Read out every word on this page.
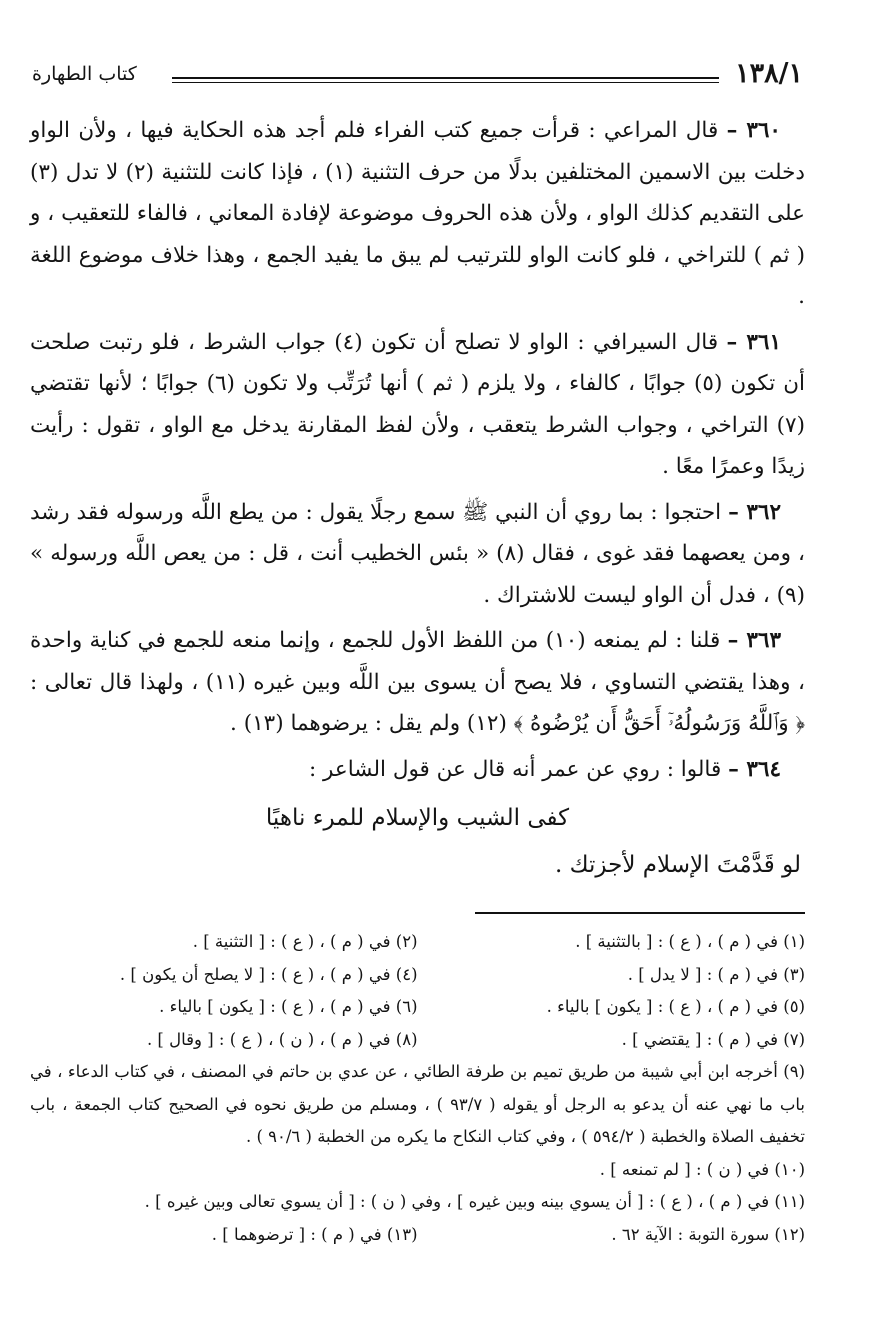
١٣٨/١
كتاب الطهارة

٣٦٠ – قال المراعي : قرأت جميع كتب الفراء فلم أجد هذه الحكاية فيها ، ولأن الواو دخلت بين الاسمين المختلفين بدلًا من حرف التثنية (١) ، فإذا كانت للتثنية (٢) لا تدل (٣) على التقديم كذلك الواو ، ولأن هذه الحروف موضوعة لإفادة المعاني ، فالفاء للتعقيب ، و ( ثم ) للتراخي ، فلو كانت الواو للترتيب لم يبق ما يفيد الجمع ، وهذا خلاف موضوع اللغة .

٣٦١ – قال السيرافي : الواو لا تصلح أن تكون (٤) جواب الشرط ، فلو رتبت صلحت أن تكون (٥) جوابًا ، كالفاء ، ولا يلزم ( ثم ) أنها تُرَتِّب ولا تكون (٦) جوابًا ؛ لأنها تقتضي (٧) التراخي ، وجواب الشرط يتعقب ، ولأن لفظ المقارنة يدخل مع الواو ، تقول : رأيت زيدًا وعمرًا معًا .

٣٦٢ – احتجوا : بما روي أن النبي ﷺ سمع رجلًا يقول : من يطع اللَّه ورسوله فقد رشد ، ومن يعصهما فقد غوى ، فقال (٨) « بئس الخطيب أنت ، قل : من يعص اللَّه ورسوله » (٩) ، فدل أن الواو ليست للاشتراك .

٣٦٣ – قلنا : لم يمنعه (١٠) من اللفظ الأول للجمع ، وإنما منعه للجمع في كناية واحدة ، وهذا يقتضي التساوي ، فلا يصح أن يسوى بين اللَّه وبين غيره (١١) ، ولهذا قال تعالى : ﴿ وَٱللَّهُ وَرَسُولُهُۥٓ أَحَقُّ أَن يُرْضُوهُ ﴾ (١٢) ولم يقل : يرضوهما (١٣) .

٣٦٤ – قالوا : روي عن عمر أنه قال عن قول الشاعر :

كفى الشيب والإسلام للمرء ناهيًا
لو قَدَّمْتَ الإسلام لأجزتك .
(١) في ( م ) ، ( ع ) : [ بالتثنية ] .
(٢) في ( م ) ، ( ع ) : [ التثنية ] .
(٣) في ( م ) : [ لا يدل ] .
(٤) في ( م ) ، ( ع ) : [ لا يصلح أن يكون ] .
(٥) في ( م ) ، ( ع ) : [ يكون ] بالياء .
(٦) في ( م ) ، ( ع ) : [ يكون ] بالياء .
(٧) في ( م ) : [ يقتضي ] .
(٨) في ( م ) ، ( ن ) ، ( ع ) : [ وقال ] .
(٩) أخرجه ابن أبي شيبة من طريق تميم بن طرفة الطائي ، عن عدي بن حاتم في المصنف ، في كتاب الدعاء ، في باب ما نهي عنه أن يدعو به الرجل أو يقوله ( ٩٣/٧ ) ، ومسلم من طريق نحوه في الصحيح كتاب الجمعة ، باب تخفيف الصلاة والخطبة ( ٥٩٤/٢ ) ، وفي كتاب النكاح ما يكره من الخطبة ( ٩٠/٦ ) .
(١٠) في ( ن ) : [ لم تمنعه ] .
(١١) في ( م ) ، ( ع ) : [ أن يسوي بينه وبين غيره ] ، وفي ( ن ) : [ أن يسوي تعالى وبين غيره ] .
(١٢) سورة التوبة : الآية ٦٢ .
(١٣) في ( م ) : [ ترضوهما ] .
